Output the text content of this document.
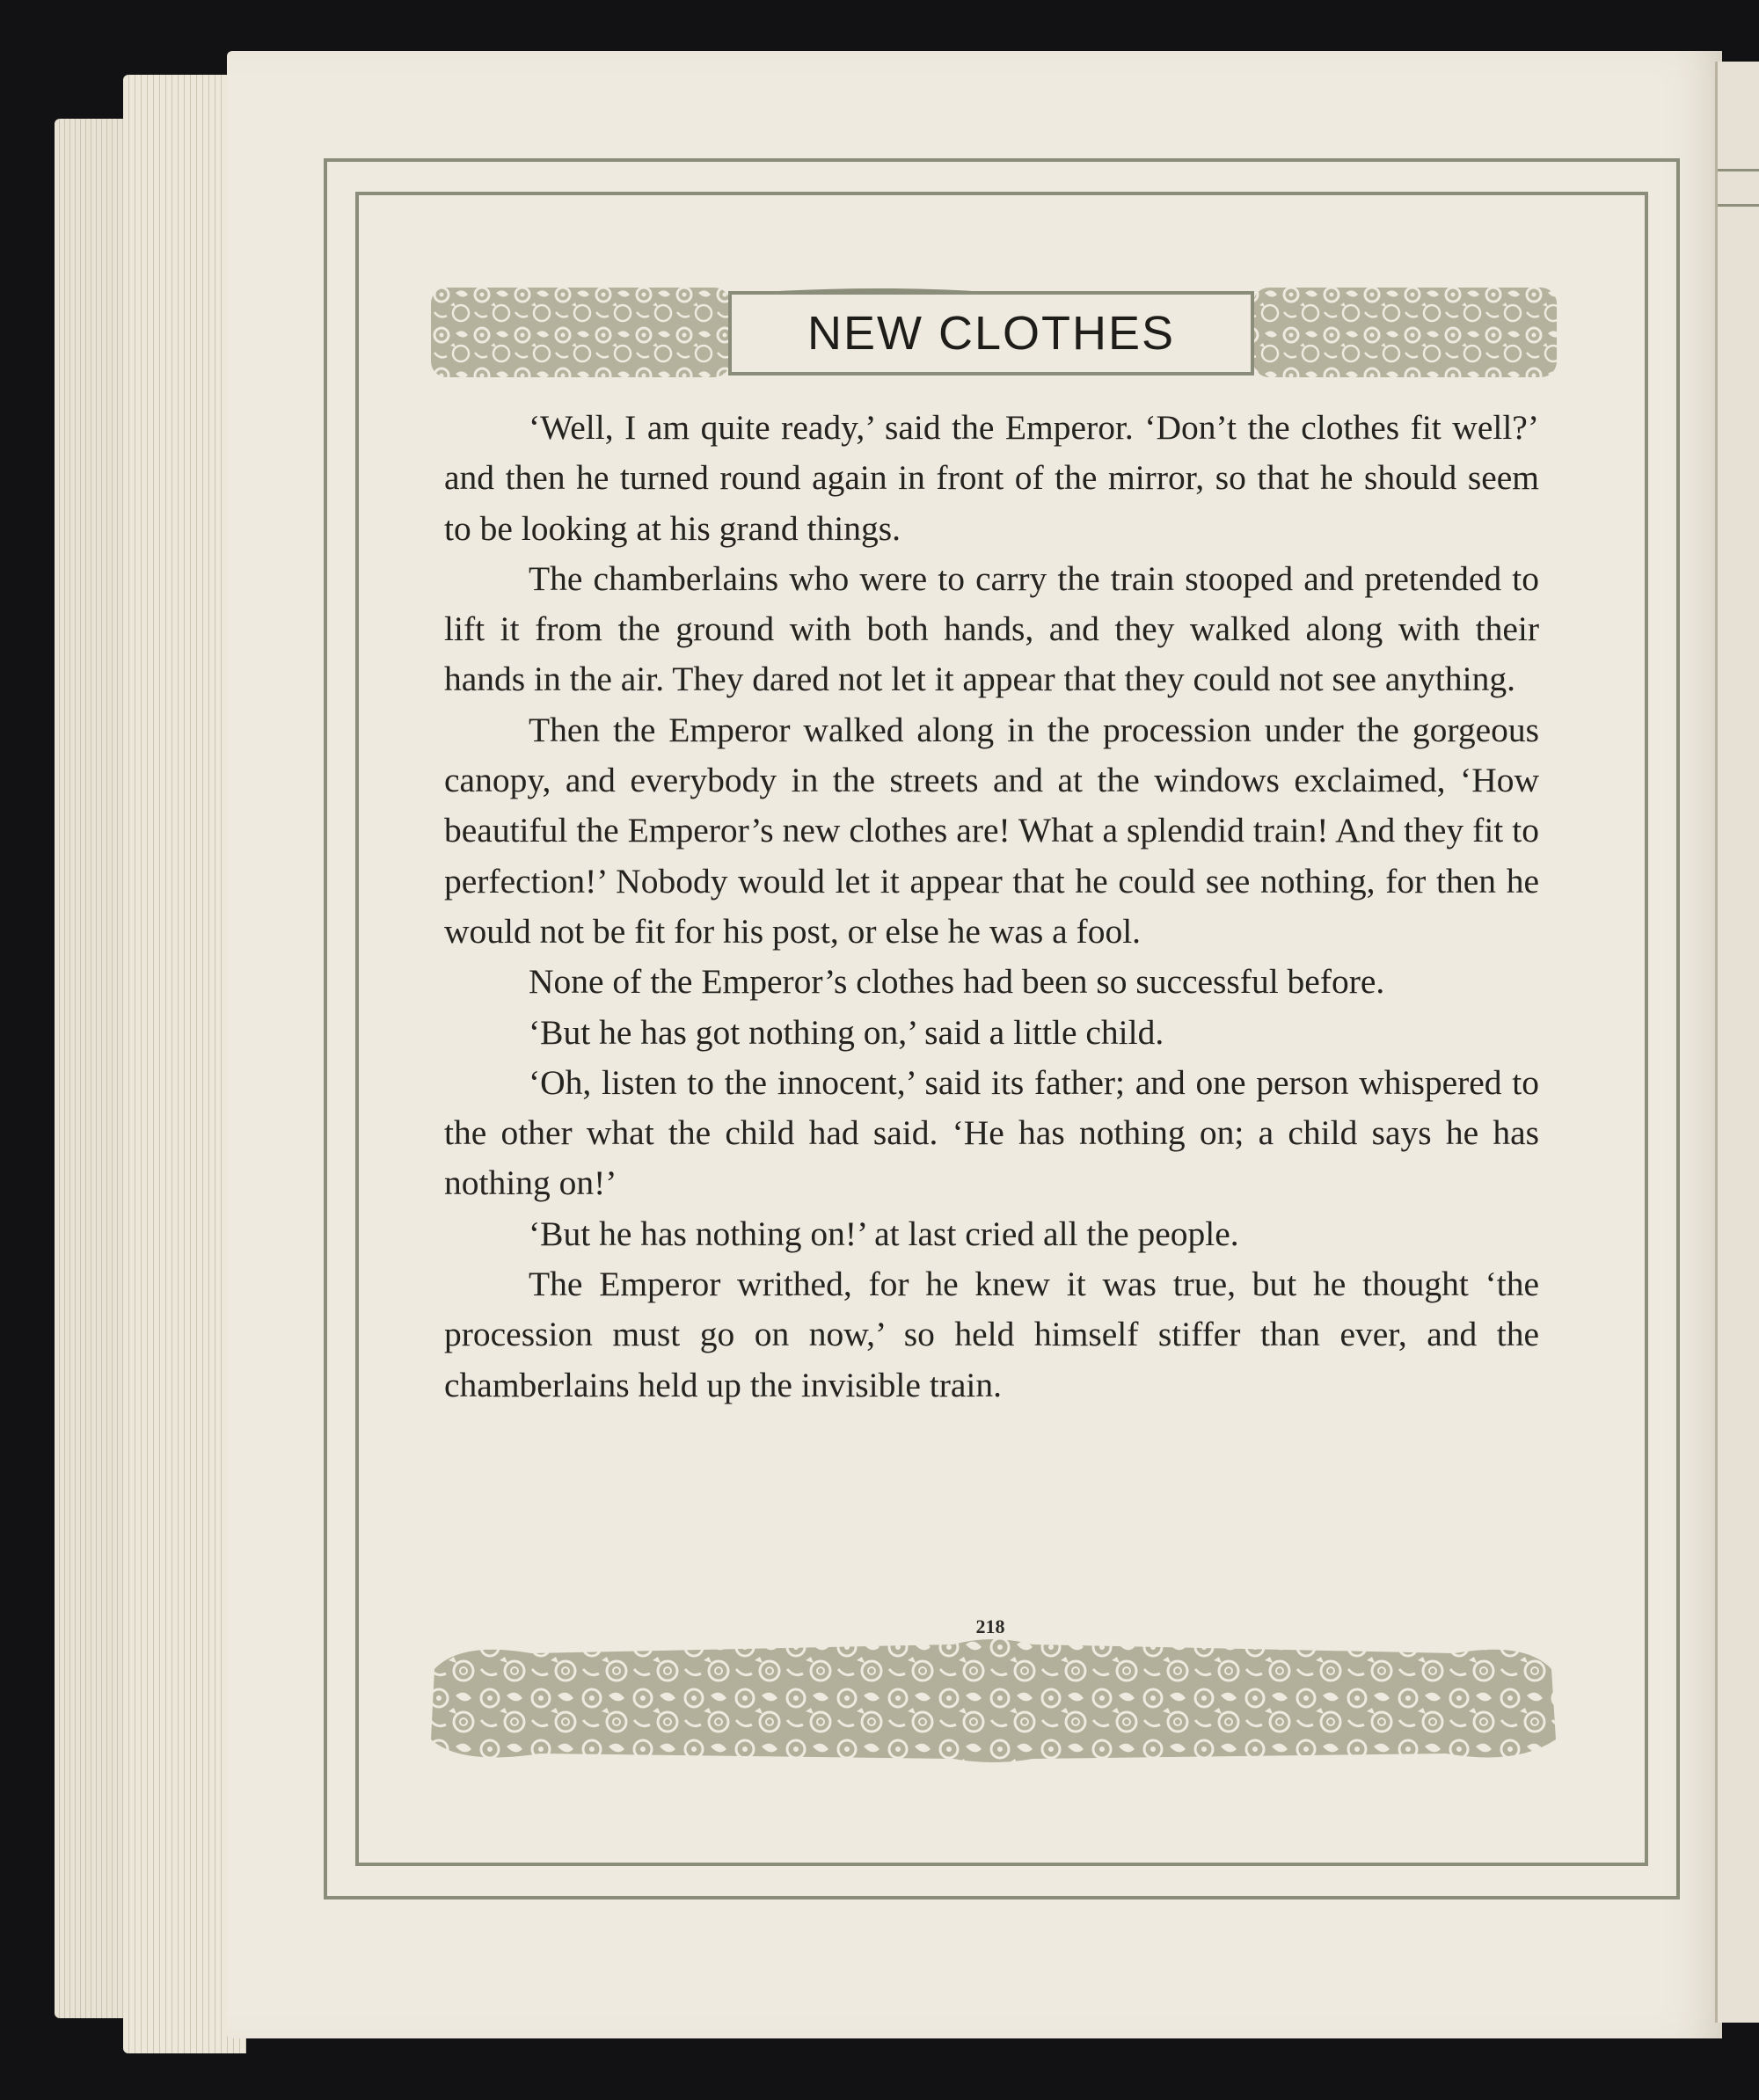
NEW CLOTHES

‘Well, I am quite ready,’ said the Emperor. ‘Don’t the clothes fit well?’ and then he turned round again in front of the mirror, so that he should seem to be looking at his grand things.

The chamberlains who were to carry the train stooped and pretended to lift it from the ground with both hands, and they walked along with their hands in the air. They dared not let it appear that they could not see anything.

Then the Emperor walked along in the procession under the gorgeous canopy, and everybody in the streets and at the windows exclaimed, ‘How beautiful the Emperor’s new clothes are! What a splendid train! And they fit to perfection!’ Nobody would let it appear that he could see nothing, for then he would not be fit for his post, or else he was a fool.

None of the Emperor’s clothes had been so successful before.

‘But he has got nothing on,’ said a little child.

‘Oh, listen to the innocent,’ said its father; and one person whispered to the other what the child had said. ‘He has nothing on; a child says he has nothing on!’

‘But he has nothing on!’ at last cried all the people.

The Emperor writhed, for he knew it was true, but he thought ‘the procession must go on now,’ so held himself stiffer than ever, and the chamberlains held up the invisible train.

218
